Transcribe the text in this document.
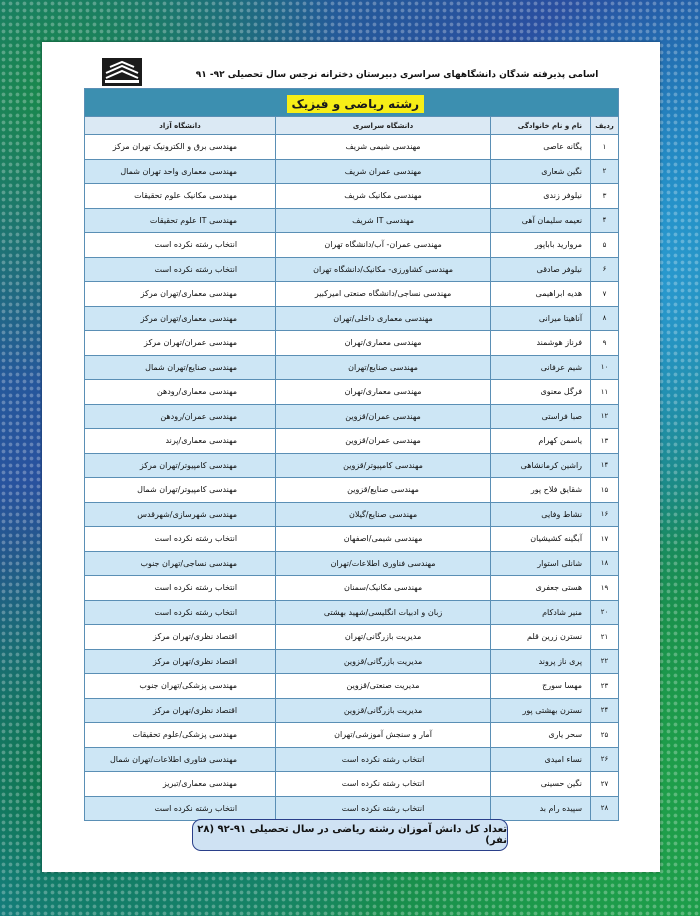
اسامی پذیرفته شدگان دانشگاههای سراسری دبیرستان دخترانه نرجس سال تحصیلی ۹۲- ۹۱
رشته ریاضی و فیزیک			
ردیف	نام و نام خانوادگی	دانشگاه سراسری	دانشگاه آزاد
۱	یگانه عاصی	مهندسی شیمی شریف	مهندسی برق و الکترونیک تهران مرکز
۲	نگین شعاری	مهندسی عمران شریف	مهندسی معماری واحد تهران شمال
۳	نیلوفر زندی	مهندسی مکانیک شریف	مهندسی مکانیک علوم تحقیقات
۴	نعیمه سلیمان آهی	مهندسی IT شریف	مهندسی IT علوم تحقیقات
۵	مروارید باباپور	مهندسی عمران- آب/دانشگاه تهران	انتخاب رشته نکرده است
۶	نیلوفر صادقی	مهندسی کشاورزی- مکانیک/دانشگاه تهران	انتخاب رشته نکرده است
۷	هدیه ابراهیمی	مهندسی نساجی/دانشگاه صنعتی امیرکبیر	مهندسی معماری/تهران مرکز
۸	آناهیتا میرانی	مهندسی معماری داخلی/تهران	مهندسی معماری/تهران مرکز
۹	فرناز هوشمند	مهندسی معماری/تهران	مهندسی عمران/تهران مرکز
۱۰	شیم عرفانی	مهندسی صنایع/تهران	مهندسی صنایع/تهران شمال
۱۱	فرگل معنوی	مهندسی معماری/تهران	مهندسی معماری/رودهن
۱۲	صبا فراستی	مهندسی عمران/قزوین	مهندسی عمران/رودهن
۱۳	یاسمن کهرام	مهندسی عمران/قزوین	مهندسی معماری/پرند
۱۴	راشین کرمانشاهی	مهندسی کامپیوتر/قزوین	مهندسی کامپیوتر/تهران مرکز
۱۵	شقایق فلاح پور	مهندسی صنایع/قزوین	مهندسی کامپیوتر/تهران شمال
۱۶	نشاط وفایی	مهندسی صنایع/گیلان	مهندسی شهرسازی/شهرقدس
۱۷	آبگینه کشیشیان	مهندسی شیمی/اصفهان	انتخاب رشته نکرده است
۱۸	شانلی استوار	مهندسی فناوری اطلاعات/تهران	مهندسی نساجی/تهران جنوب
۱۹	هستی جعفری	مهندسی مکانیک/سمنان	انتخاب رشته نکرده است
۲۰	منیر شادکام	زبان و ادبیات انگلیسی/شهید بهشتی	انتخاب رشته نکرده است
۲۱	نسترن زرین قلم	مدیریت بازرگانی/تهران	اقتصاد نظری/تهران مرکز
۲۲	پری ناز پروند	مدیریت بازرگانی/قزوین	اقتصاد نظری/تهران مرکز
۲۳	مهسا سورج	مدیریت صنعتی/قزوین	مهندسی پزشکی/تهران جنوب
۲۴	نسترن بهشتی پور	مدیریت بازرگانی/قزوین	اقتصاد نظری/تهران مرکز
۲۵	سحر یاری	آمار و سنجش آموزشی/تهران	مهندسی پزشکی/علوم تحقیقات
۲۶	نساء امیدی	انتخاب رشته نکرده است	مهندسی فناوری اطلاعات/تهران شمال
۲۷	نگین حسینی	انتخاب رشته نکرده است	مهندسی معماری/تبریز
۲۸	سپیده رام بد	انتخاب رشته نکرده است	انتخاب رشته نکرده است
تعداد کل دانش آموزان رشته ریاضی در سال تحصیلی ۹۱-۹۲ (۲۸ نفر)
